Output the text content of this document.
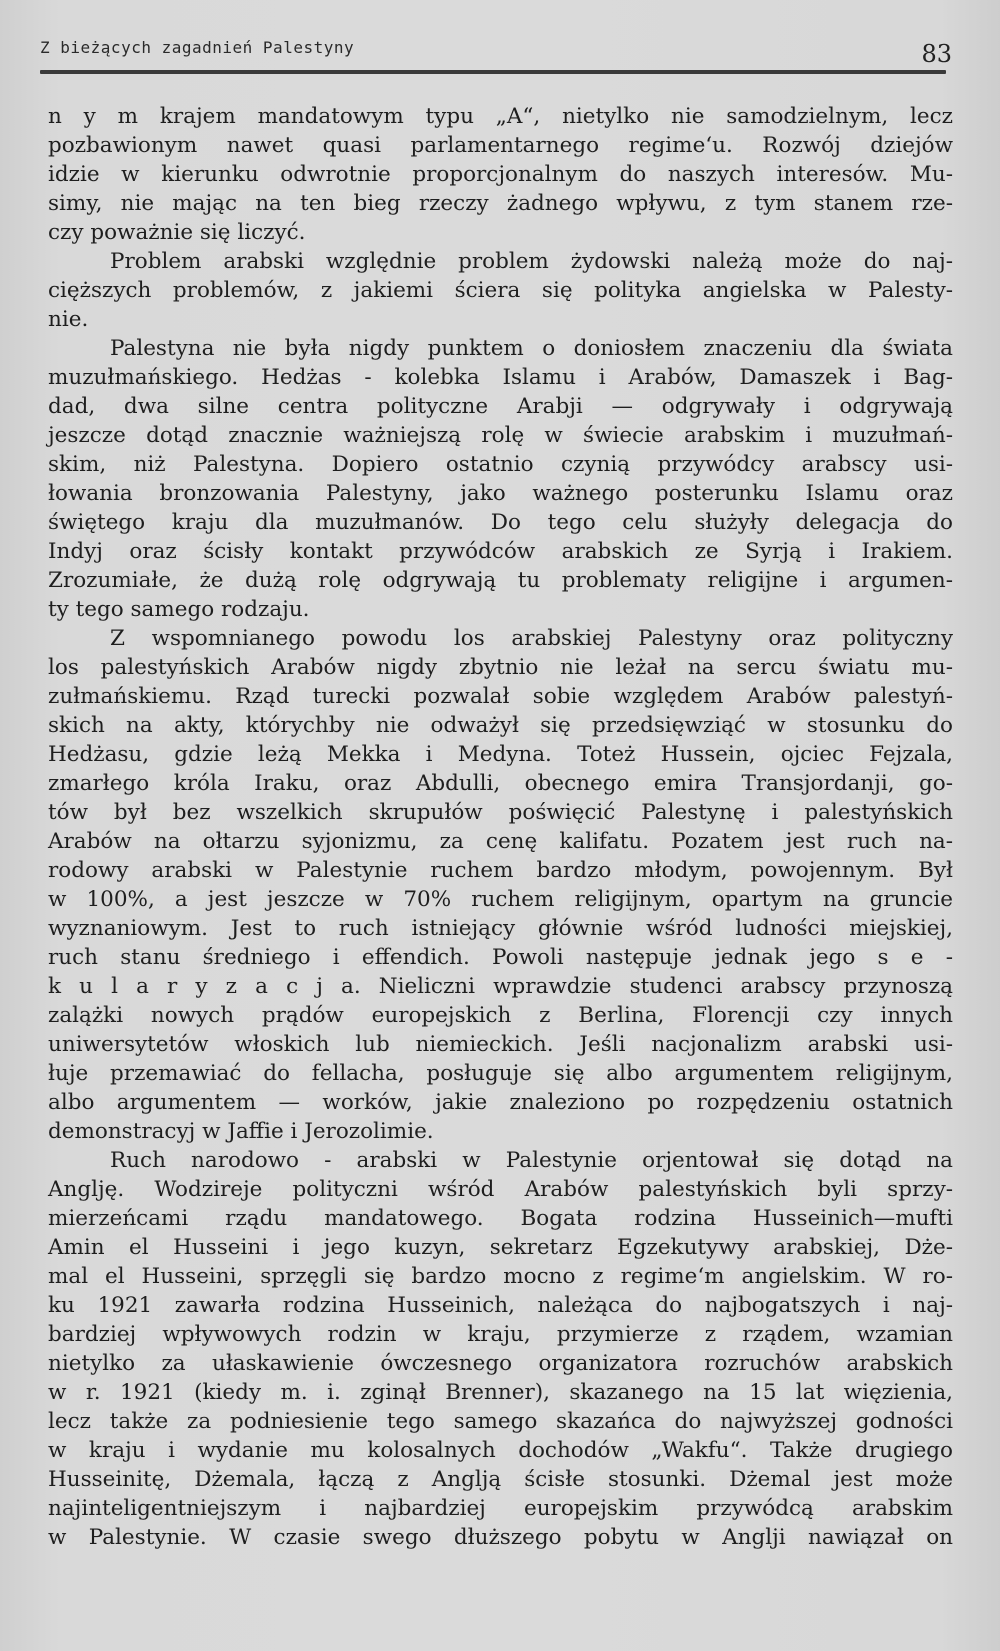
Z bieżących zagadnień Palestyny	83
n y m krajem mandatowym typu „A“, nietylko nie samodzielnym, lecz
pozbawionym nawet quasi parlamentarnego regime‘u. Rozwój dziejów
idzie w kierunku odwrotnie proporcjonalnym do naszych interesów. Mu-
simy, nie mając na ten bieg rzeczy żadnego wpływu, z tym stanem rze-
czy poważnie się liczyć.
Problem arabski względnie problem żydowski należą może do naj-
cięższych problemów, z jakiemi ściera się polityka angielska w Palesty-
nie.
Palestyna nie była nigdy punktem o doniosłem znaczeniu dla świata
muzułmańskiego. Hedżas - kolebka Islamu i Arabów, Damaszek i Bag-
dad, dwa silne centra polityczne Arabji — odgrywały i odgrywają
jeszcze dotąd znacznie ważniejszą rolę w świecie arabskim i muzułmań-
skim, niż Palestyna. Dopiero ostatnio czynią przywódcy arabscy usi-
łowania bronzowania Palestyny, jako ważnego posterunku Islamu oraz
świętego kraju dla muzułmanów. Do tego celu służyły delegacja do
Indyj oraz ścisły kontakt przywódców arabskich ze Syrją i Irakiem.
Zrozumiałe, że dużą rolę odgrywają tu problematy religijne i argumen-
ty tego samego rodzaju.
Z wspomnianego powodu los arabskiej Palestyny oraz polityczny
los palestyńskich Arabów nigdy zbytnio nie leżał na sercu światu mu-
zułmańskiemu. Rząd turecki pozwalał sobie względem Arabów palestyń-
skich na akty, którychby nie odważył się przedsięwziąć w stosunku do
Hedżasu, gdzie leżą Mekka i Medyna. Toteż Hussein, ojciec Fejzala,
zmarłego króla Iraku, oraz Abdulli, obecnego emira Transjordanji, go-
tów był bez wszelkich skrupułów poświęcić Palestynę i palestyńskich
Arabów na ołtarzu syjonizmu, za cenę kalifatu. Pozatem jest ruch na-
rodowy arabski w Palestynie ruchem bardzo młodym, powojennym. Był
w 100%, a jest jeszcze w 70% ruchem religijnym, opartym na gruncie
wyznaniowym. Jest to ruch istniejący głównie wśród ludności miejskiej,
ruch stanu średniego i effendich. Powoli następuje jednak jego s e -
k u l a r y z a c j a. Nieliczni wprawdzie studenci arabscy przynoszą
zalążki nowych prądów europejskich z Berlina, Florencji czy innych
uniwersytetów włoskich lub niemieckich. Jeśli nacjonalizm arabski usi-
łuje przemawiać do fellacha, posługuje się albo argumentem religijnym,
albo argumentem — worków, jakie znaleziono po rozpędzeniu ostatnich
demonstracyj w Jaffie i Jerozolimie.
Ruch narodowo - arabski w Palestynie orjentował się dotąd na
Anglję. Wodzireje polityczni wśród Arabów palestyńskich byli sprzy-
mierzeńcami rządu mandatowego. Bogata rodzina Husseinich—mufti
Amin el Husseini i jego kuzyn, sekretarz Egzekutywy arabskiej, Dże-
mal el Husseini, sprzęgli się bardzo mocno z regime‘m angielskim. W ro-
ku 1921 zawarła rodzina Husseinich, należąca do najbogatszych i naj-
bardziej wpływowych rodzin w kraju, przymierze z rządem, wzamian
nietylko za ułaskawienie ówczesnego organizatora rozruchów arabskich
w r. 1921 (kiedy m. i. zginął Brenner), skazanego na 15 lat więzienia,
lecz także za podniesienie tego samego skazańca do najwyższej godności
w kraju i wydanie mu kolosalnych dochodów „Wakfu“. Także drugiego
Husseinitę, Dżemala, łączą z Anglją ścisłe stosunki. Dżemal jest może
najinteligentniejszym i najbardziej europejskim przywódcą arabskim
w Palestynie. W czasie swego dłuższego pobytu w Anglji nawiązał on
